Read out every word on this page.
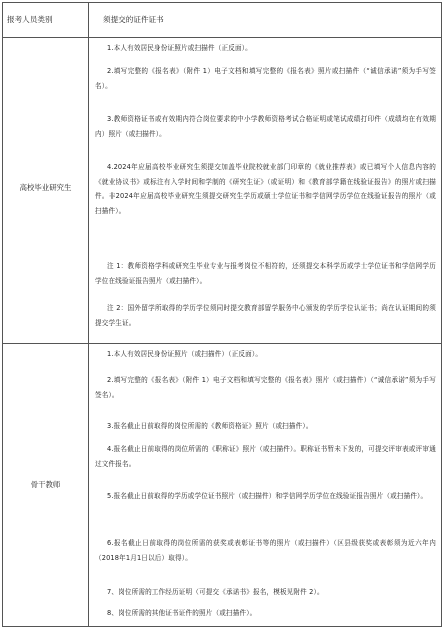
报考人员类别	须提交的证件证书
高校毕业研究生
1.本人有效居民身份证照片或扫描件（正反面）。
2.填写完整的《报名表》（附件 1）电子文档和填写完整的《报名表》照片或扫描件（“诚信承诺”须为手写签名）。
3.教师资格证书或有效期内符合岗位要求的中小学教师资格考试合格证明或笔试成绩打印件（成绩均在有效期内）照片（或扫描件）。
4.2024年应届高校毕业研究生须提交加盖毕业院校就业部门印章的《就业推荐表》或已填写个人信息内容的《就业协议书》或标注有入学时间和学制的《研究生证》（或证明）和《教育部学籍在线验证报告》的照片或扫描件。非2024年应届高校毕业研究生须提交研究生学历或硕士学位证书和学信网学历学位在线验证报告的照片（或扫描件）。
注 1：教师资格学科或研究生毕业专业与报考岗位不相符的，还须提交本科学历或学士学位证书和学信网学历学位在线验证报告照片（或扫描件）。
注 2：国外留学所取得的学历学位须同时提交教育部留学服务中心颁发的学历学位认证书；尚在认证期间的须提交学生证。
骨干教师
1.本人有效居民身份证照片（或扫描件）（正反面）。
2.填写完整的《报名表》（附件 1）电子文档和填写完整的《报名表》照片（或扫描件）（“诚信承诺”须为手写签名）。
3.报名截止日前取得的岗位所需的《教师资格证》照片（或扫描件）。
4.报名截止日前取得的岗位所需的《职称证》照片（或扫描件）。职称证书暂未下发的，可提交评审表或评审通过文件报名。
5.报名截止日前取得的学历或学位证书照片（或扫描件）和学信网学历学位在线验证报告照片（或扫描件）。
6.报名截止日前取得的岗位所需的获奖或表彰证书等的照片（或扫描件）（区县级获奖或表彰须为近六年内（2018年1月1日以后）取得）。
7、岗位所需的工作经历证明（可提交《承诺书》报名，模板见附件 2）。
8、岗位所需的其他证书证件的照片（或扫描件）。
